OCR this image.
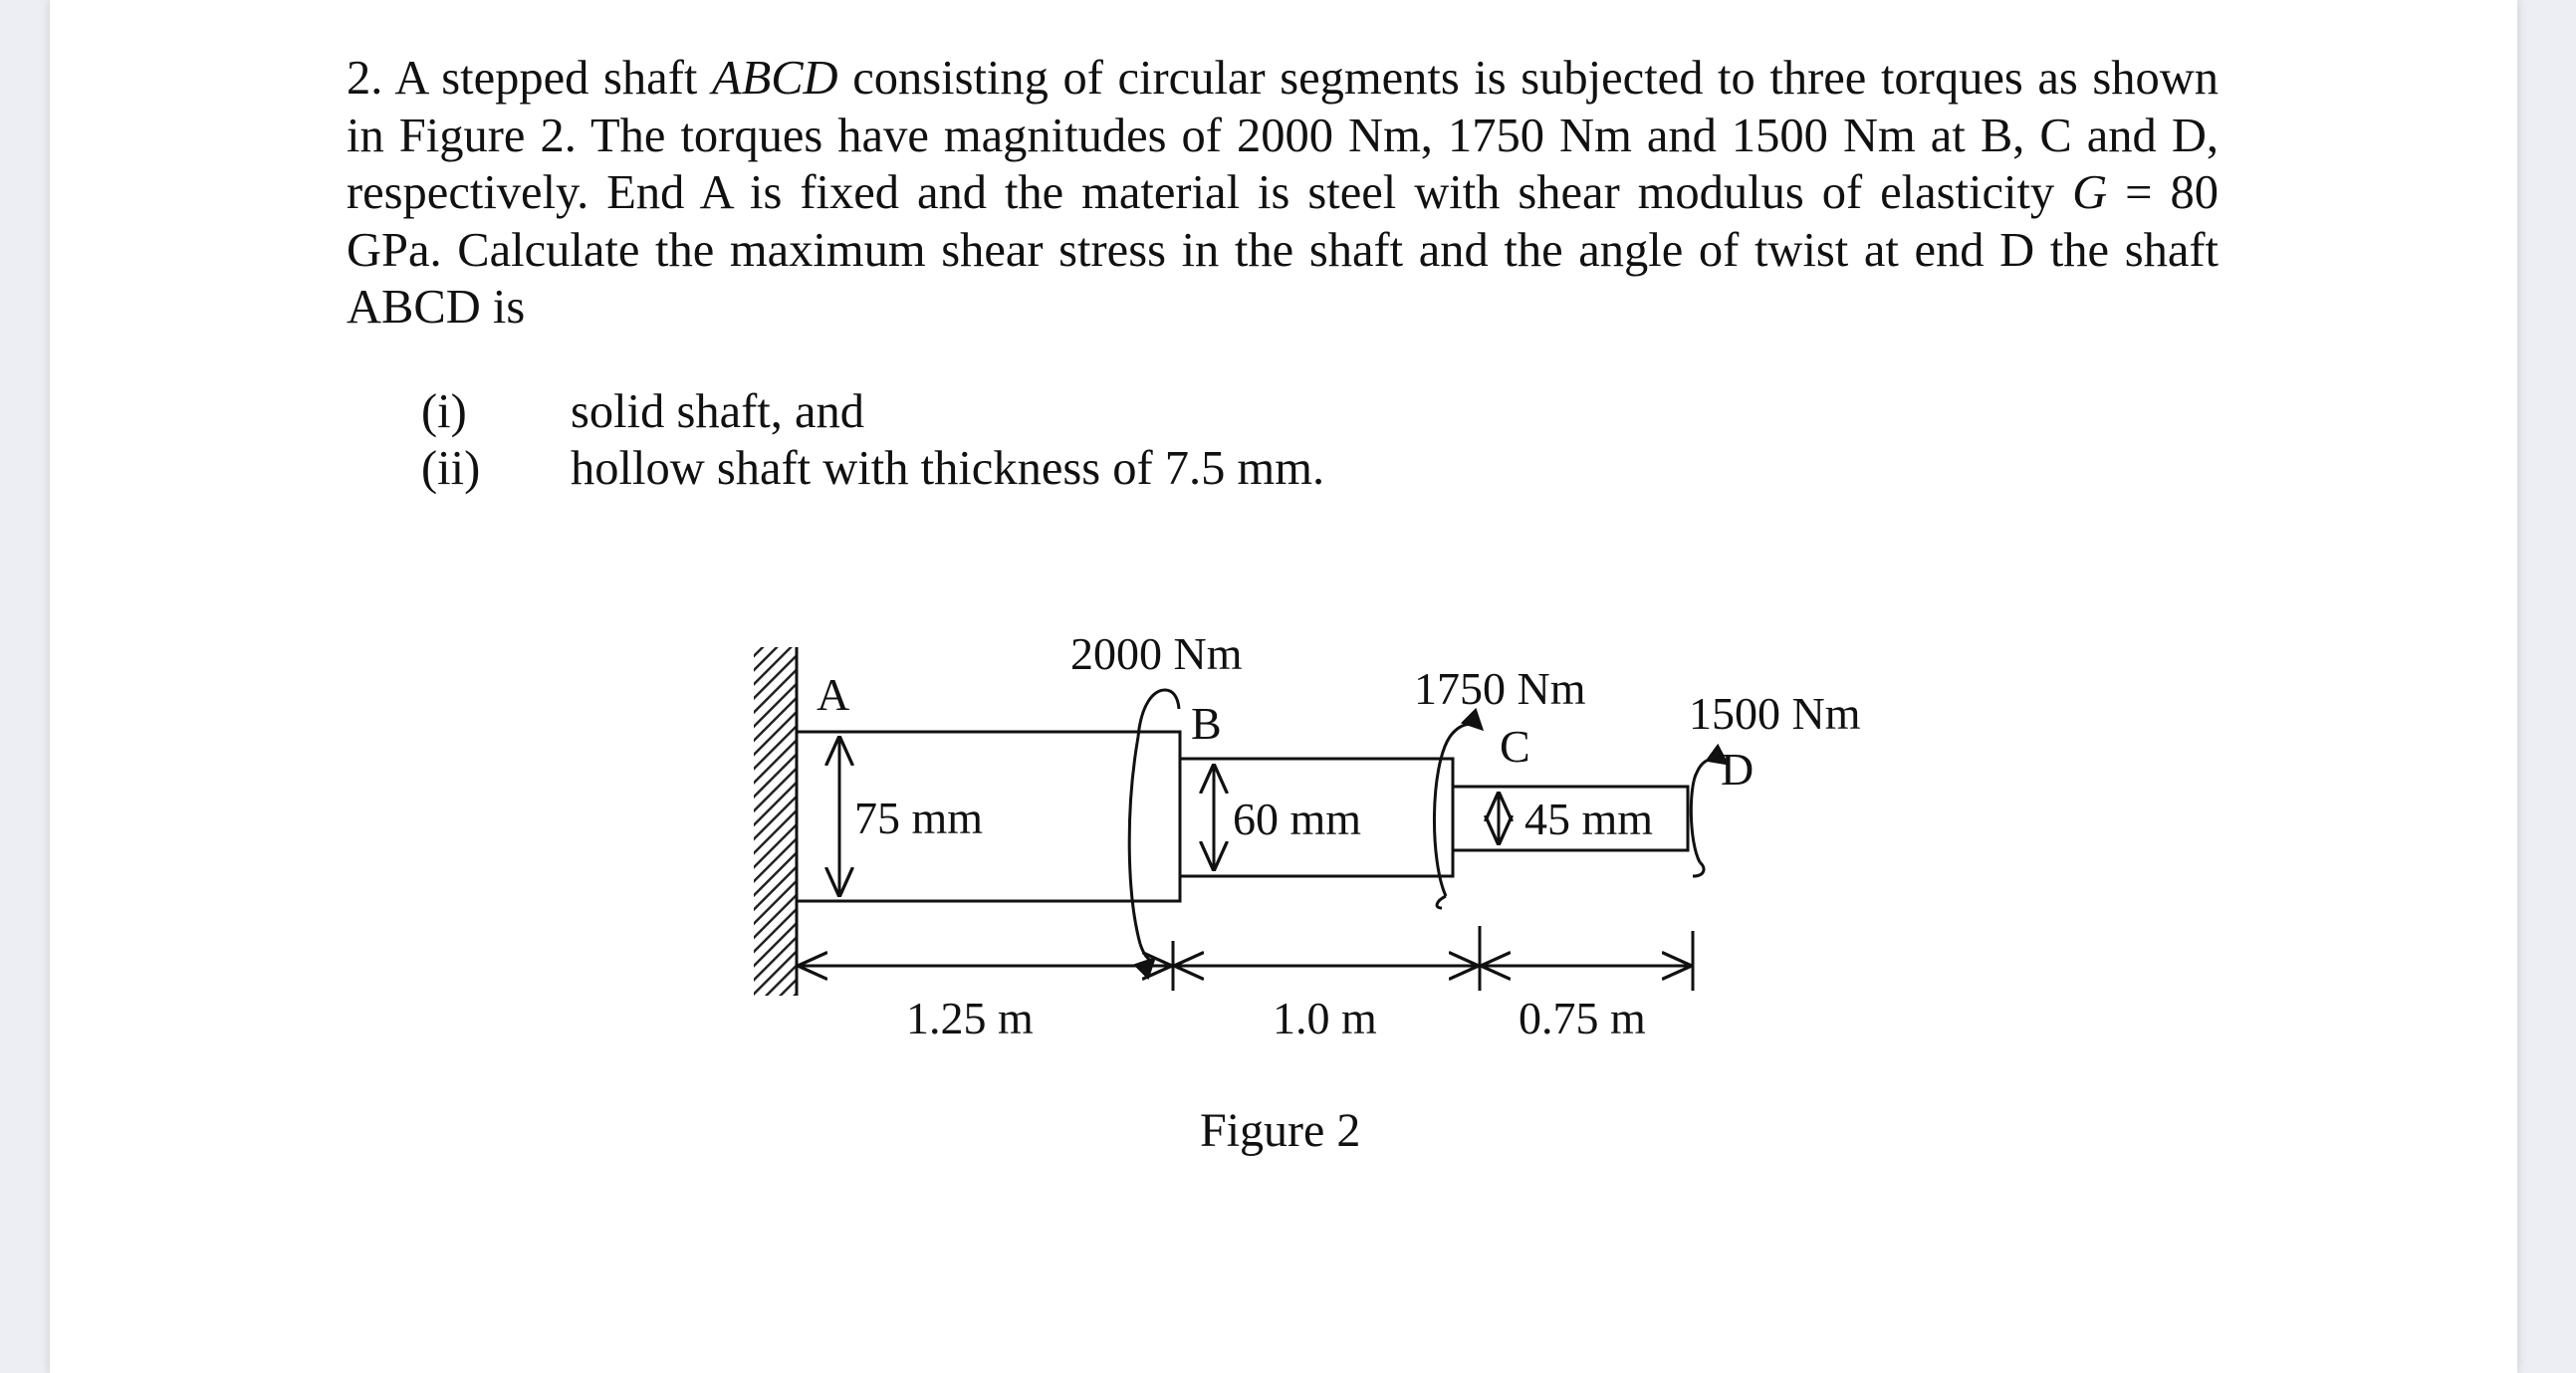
2. A stepped shaft ABCD consisting of circular segments is subjected to three torques as shown in Figure 2. The torques have magnitudes of 2000 Nm, 1750 Nm and 1500 Nm at B, C and D, respectively. End A is fixed and the material is steel with shear modulus of elasticity G = 80 GPa. Calculate the maximum shear stress in the shaft and the angle of twist at end D the shaft ABCD is

(i) solid shaft, and
(ii) hollow shaft with thickness of 7.5 mm.
A
B	C	D
2000 Nm
1750 Nm 1500 Nm
75 mm	60 mm	45 mm
1.25 m	1.0 m	0.75 m
Figure 2
